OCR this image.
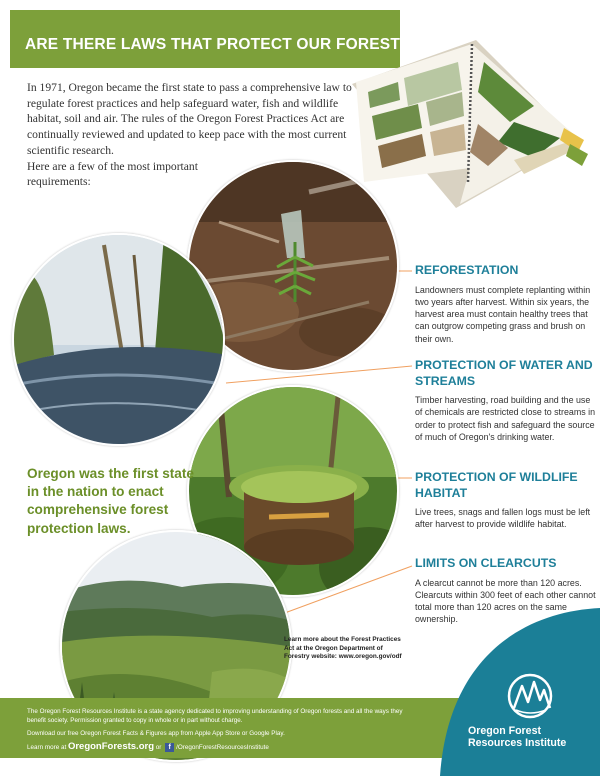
ARE THERE LAWS THAT PROTECT OUR FORESTS?

In 1971, Oregon became the first state to pass a comprehensive law to regulate forest practices and help safeguard water, fish and wildlife habitat, soil and air. The rules of the Oregon Forest Practices Act are continually reviewed and updated to keep pace with the most current scientific research.

Here are a few of the most important requirements:

REFORESTATION

Landowners must complete replanting within two years after harvest. Within six years, the harvest area must contain healthy trees that can outgrow competing grass and brush on their own.

PROTECTION OF WATER AND STREAMS

Timber harvesting, road building and the use of chemicals are restricted close to streams in order to protect fish and safeguard the source of much of Oregon's drinking water.

PROTECTION OF WILDLIFE HABITAT

Live trees, snags and fallen logs must be left after harvest to provide wildlife habitat.

LIMITS ON CLEARCUTS

A clearcut cannot be more than 120 acres. Clearcuts within 300 feet of each other cannot total more than 120 acres on the same ownership.

Oregon was the first state in the nation to enact comprehensive forest protection laws.
Learn more about the Forest Practices Act at the Oregon Department of Forestry website: www.oregon.gov/odf
The Oregon Forest Resources Institute is a state agency dedicated to improving understanding of Oregon forests and all the ways they benefit society. Permission granted to copy in whole or in part without charge.
Download our free Oregon Forest Facts & Figures app from Apple App Store or Google Play.
Learn more at OregonForests.org or f /OregonForestResourcesInstitute
Oregon Forest Resources Institute
